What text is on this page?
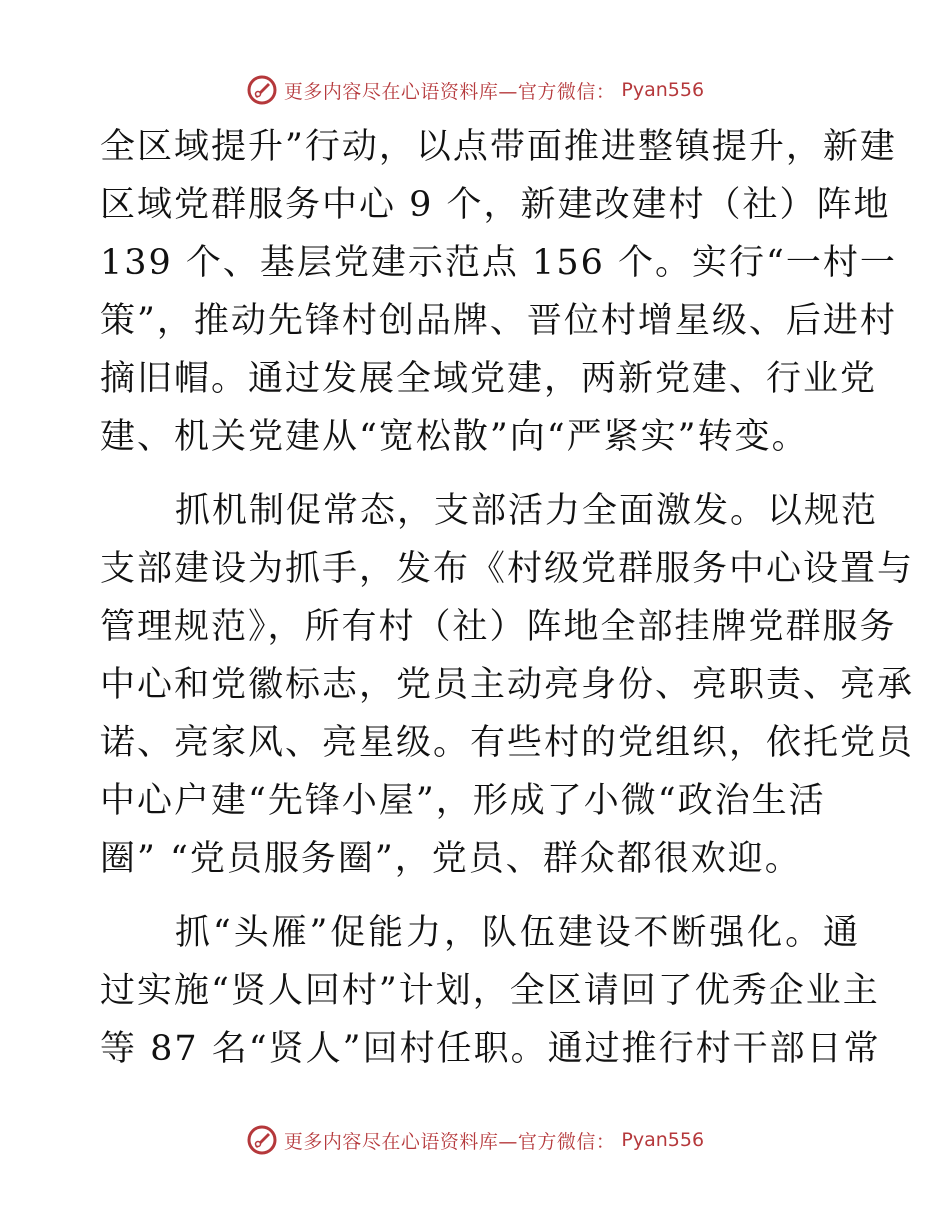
更多内容尽在心语资料库—官方微信： Pyan556
全区域提升”行动，以点带面推进整镇提升，新建
区域党群服务中心 9 个，新建改建村（社）阵地
139 个、基层党建示范点 156 个。实行“一村一
策”，推动先锋村创品牌、晋位村增星级、后进村
摘旧帽。通过发展全域党建，两新党建、行业党
建、机关党建从“宽松散”向“严紧实”转变。
抓机制促常态，支部活力全面激发。以规范
支部建设为抓手，发布《村级党群服务中心设置与
管理规范》，所有村（社）阵地全部挂牌党群服务
中心和党徽标志，党员主动亮身份、亮职责、亮承
诺、亮家风、亮星级。有些村的党组织，依托党员
中心户建“先锋小屋”，形成了小微“政治生活
圈” “党员服务圈”，党员、群众都很欢迎。
抓“头雁”促能力，队伍建设不断强化。通
过实施“贤人回村”计划，全区请回了优秀企业主
等 87 名“贤人”回村任职。通过推行村干部日常
更多内容尽在心语资料库—官方微信： Pyan556
